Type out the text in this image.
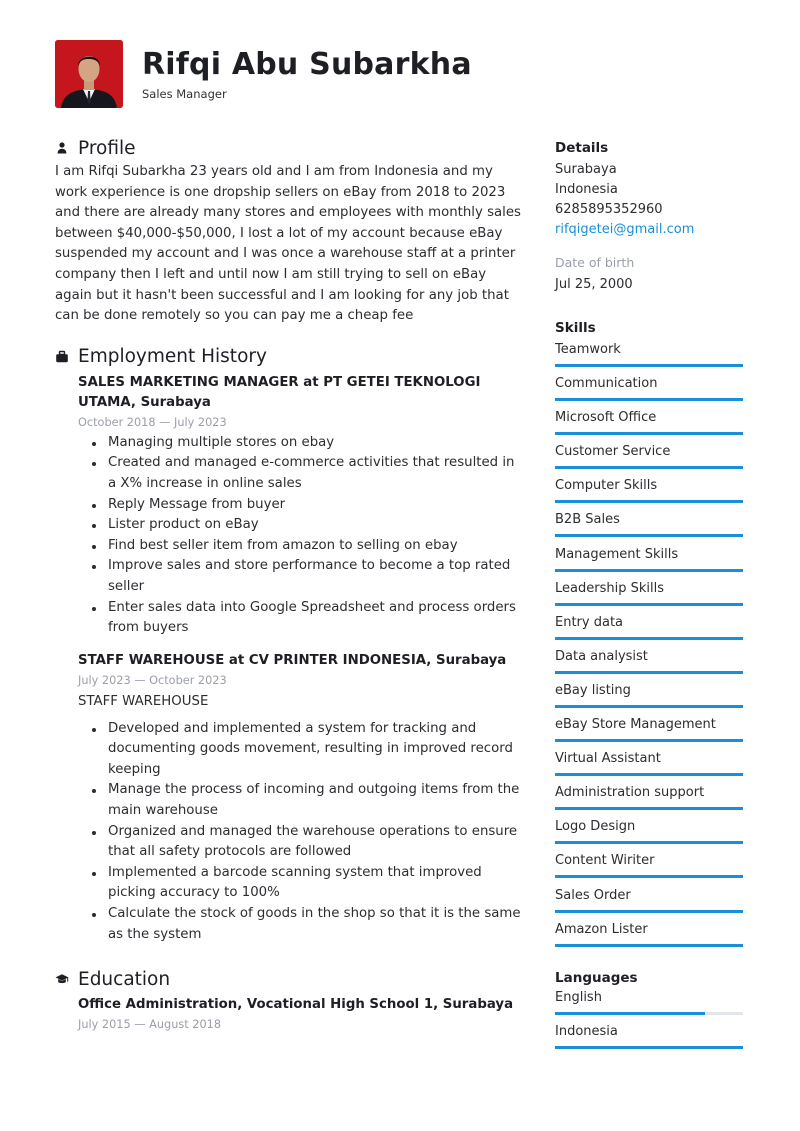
Rifqi Abu Subarkha
Sales Manager
Profile

I am Rifqi Subarkha 23 years old and I am from Indonesia and my work experience is one dropship sellers on eBay from 2018 to 2023 and there are already many stores and employees with monthly sales between $40,000-$50,000, I lost a lot of my account because eBay suspended my account and I was once a warehouse staff at a printer company then I left and until now I am still trying to sell on eBay again but it hasn't been successful and I am looking for any job that can be done remotely so you can pay me a cheap fee

Employment History

SALES MARKETING MANAGER at PT GETEI TEKNOLOGI UTAMA, Surabaya

October 2018 — July 2023

Managing multiple stores on ebay
Created and managed e-commerce activities that resulted in a X% increase in online sales
Reply Message from buyer
Lister product on eBay
Find best seller item from amazon to selling on ebay
Improve sales and store performance to become a top rated seller
Enter sales data into Google Spreadsheet and process orders from buyers

STAFF WAREHOUSE at CV PRINTER INDONESIA, Surabaya

July 2023 — October 2023

STAFF WAREHOUSE

Developed and implemented a system for tracking and documenting goods movement, resulting in improved record keeping
Manage the process of incoming and outgoing items from the main warehouse
Organized and managed the warehouse operations to ensure that all safety protocols are followed
Implemented a barcode scanning system that improved picking accuracy to 100%
Calculate the stock of goods in the shop so that it is the same as the system
Education

Office Administration, Vocational High School 1, Surabaya

July 2015 — August 2018

Details

Surabaya

Indonesia

6285895352960

rifqigetei@gmail.com

Date of birth

Jul 25, 2000

Skills

Teamwork
Communication
Microsoft Office
Customer Service
Computer Skills
B2B Sales
Management Skills
Leadership Skills
Entry data
Data analysist
eBay listing
eBay Store Management
Virtual Assistant
Administration support
Logo Design
Content Wiriter
Sales Order
Amazon Lister

Languages

English
Indonesia
